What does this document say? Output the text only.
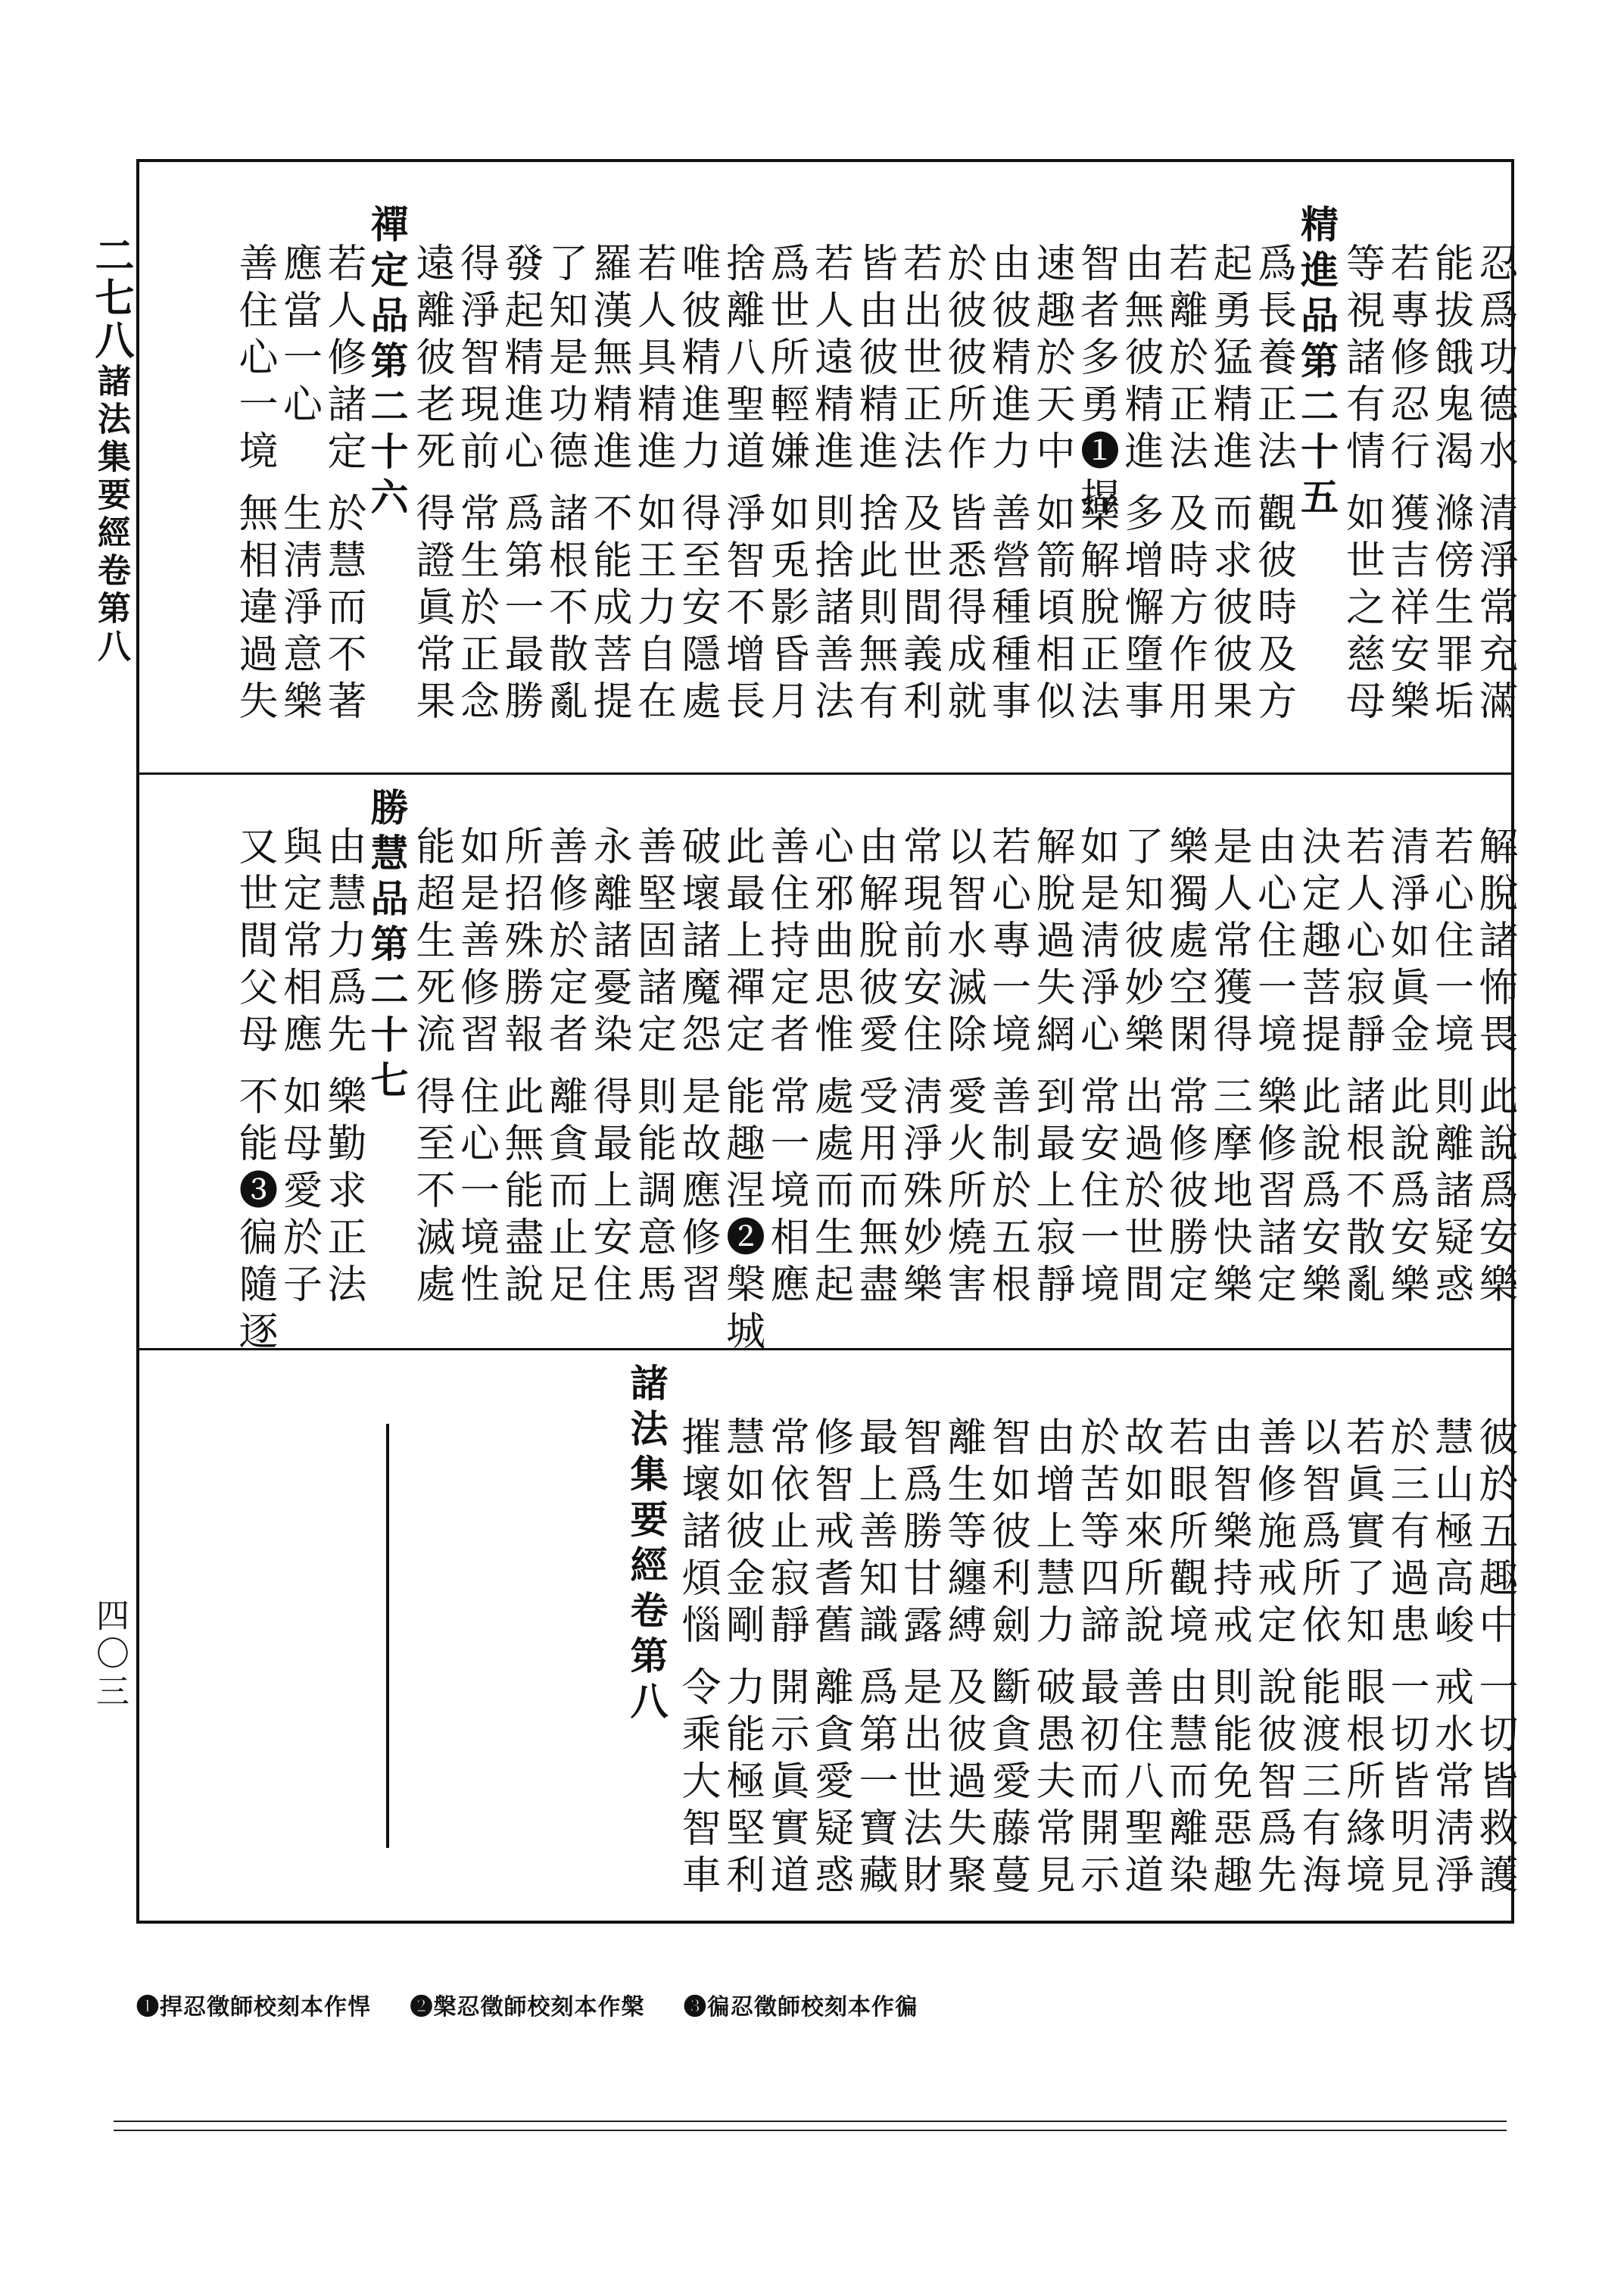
二七八
諸法集要經卷第八
四〇三
忍爲功德水
清淨常充滿
能拔餓鬼渴
滌傍生罪垢
若專修忍行
獲吉祥安樂
等視諸有情
如世之慈母
精進品第二十五
爲長養正法
觀彼時及方
起勇猛精進
而求彼彼果
若離於正法
及時方作用
由無彼精進
多增懈墮事
智者多勇❶捍
樂解脫正法
速趣於天中
如箭頃相似
由彼精進力
善營種種事
於彼彼所作
皆悉得成就
若出世正法
及世間義利
皆由彼精進
捨此則無有
若人遠精進
則捨諸善法
爲世所輕嫌
如兎影昏月
捨離八聖道
淨智不增長
唯彼精進力
得至安隱處
若人具精進
如王力自在
羅漢無精進
不能成菩提
了知是功德
諸根不散亂
發起精進心
爲第一最勝
得淨智現前
常生於正念
遠離彼老死
得證眞常果
禪定品第二十六
若人修諸定
於慧而不著
應當一心
生淸淨意樂
善住心一境
無相違過失
解脫諸怖畏
此說爲安樂
若心住一境
則離諸疑惑
清淨如眞金
此說爲安樂
若人心寂靜
諸根不散亂
決定趣菩提
此說爲安樂
由心住一境
樂修習諸定
是人常獲得
三摩地快樂
樂獨處空閑
常修彼勝定
了知彼妙樂
出過於世間
如是淸淨心
常安住一境
解脫過失網
到最上寂靜
若心專一境
善制於五根
以智水滅除
愛火所燒害
常現前安住
淸淨殊妙樂
由解脫彼愛
受用而無盡
心邪曲思惟
處處而生起
善住持定者
常一境相應
此最上禪定
能趣涅❷槃城
破壞諸魔怨
是故應修習
善堅固諸定
則能調意馬
永離諸憂染
得最上安住
善修於定者
離貪而止足
所招殊勝報
此無能盡說
如是善修習
住心一境性
能超生死流
得至不滅處
勝慧品第二十七
由慧力爲先
樂勤求正法
與定常相應
如母愛於子
又世間父母
不能❸徧隨逐
彼於五趣中
一切皆救護
慧山極高峻
戒水常淸淨
於三有過患
一切皆明見
若眞實了知
眼根所緣境
以智爲所依
能渡三有海
善修施戒定
說彼智爲先
由智樂持戒
則能免惡趣
若眼所觀境
由慧而離染
故如來所說
善住八聖道
於苦等四諦
最初而開示
由增上慧力
破愚夫常見
智如彼利劍
斷貪愛藤蔓
離生等纏縛
及彼過失聚
智爲勝甘露
是出世法財
最上善知識
爲第一寶藏
修智戒耆舊
離貪愛疑惑
常依止寂靜
開示眞實道
慧如彼金剛
力能極堅利
摧壞諸煩惱
令乘大智車
諸法集要經卷第八
❶捍忍徵師校刻本作悍 ❷槃忍徵師校刻本作槃 ❸徧忍徵師校刻本作徧
